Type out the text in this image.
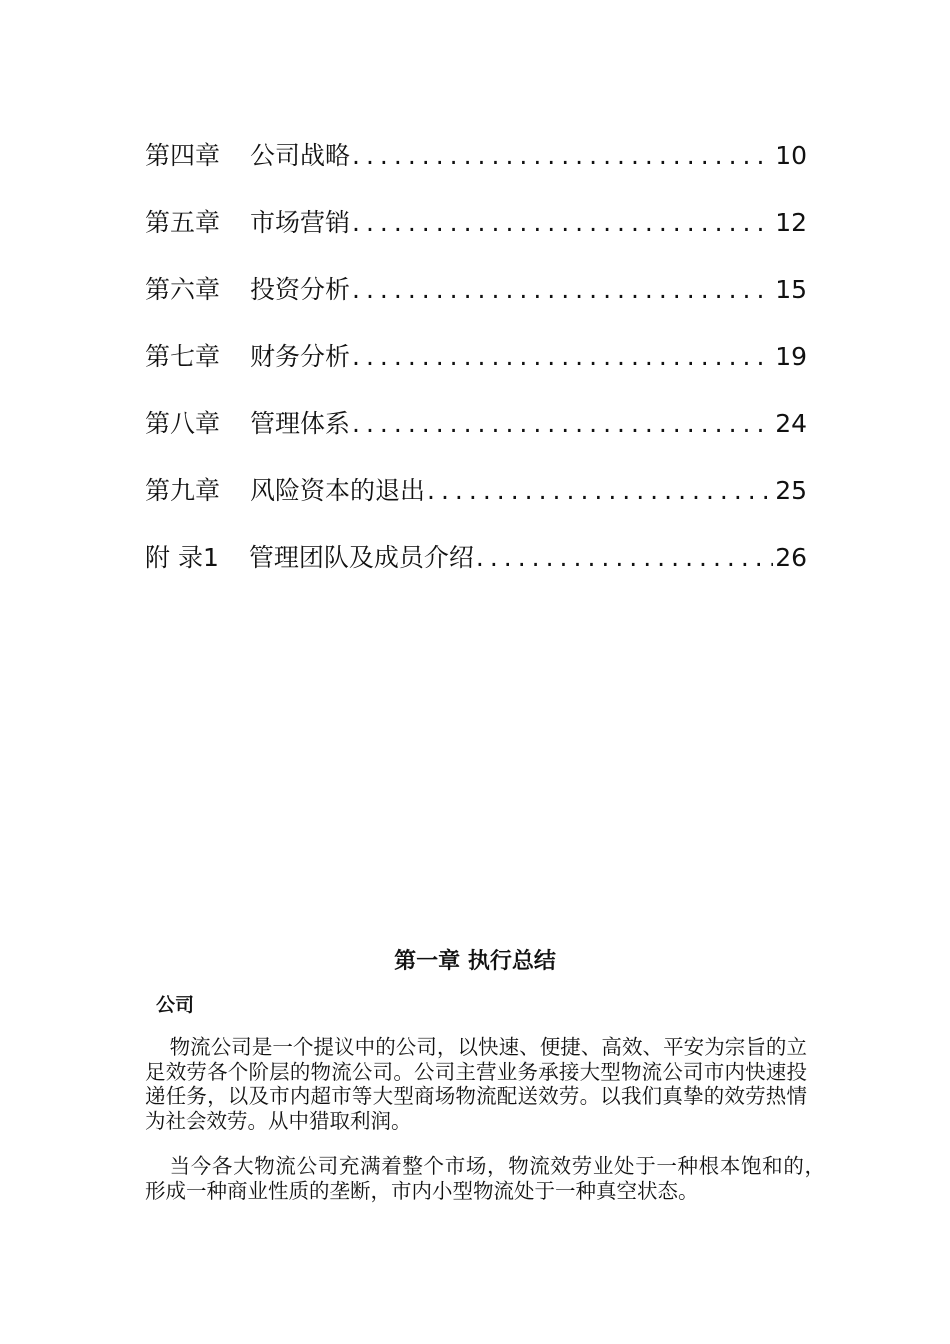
第四章 公司战略 .....	10
第五章 市场营销 .....	12
第六章 投资分析 .....	15
第七章 财务分析 .....	19
第八章 管理体系 .....	24
第九章 风险资本的退出 .....	25
附 录1 管理团队及成员介绍 .....	26
第一章 执行总结
公司

物流公司是一个提议中的公司，以快速、便捷、高效、平安为宗旨的立足效劳各个阶层的物流公司。公司主营业务承接大型物流公司市内快速投递任务，以及市内超市等大型商场物流配送效劳。以我们真挚的效劳热情为社会效劳。从中猎取利润。

当今各大物流公司充满着整个市场，物流效劳业处于一种根本饱和的，形成一种商业性质的垄断，市内小型物流处于一种真空状态。
